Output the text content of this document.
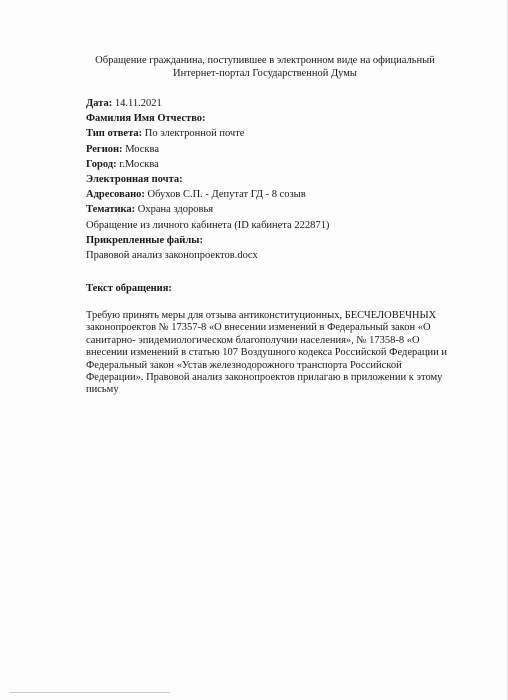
Обращение гражданина, поступившее в электронном виде на официальный
Интернет-портал Государственной Думы
Дата: 14.11.2021
Фамилия Имя Отчество:
Тип ответа: По электронной почте
Регион: Москва
Город: г.Москва
Электронная почта:
Адресовано: Обухов С.П. - Депутат ГД - 8 созыв
Тематика: Охрана здоровья
Обращение из личного кабинета (ID кабинета 222871)
Прикрепленные файлы:
Правовой анализ законопроектов.docx
Текст обращения:
Требую принять меры для отзыва антиконституционных, БЕСЧЕЛОВЕЧНЫХ
законопроектов № 17357-8 «О внесении изменений в Федеральный закон «О
санитарно- эпидемиологическом благополучии населения», № 17358-8 «О
внесении изменений в статью 107 Воздушного кодекса Российской Федерации и
Федеральный закон «Устав железнодорожного транспорта Российской
Федерации». Правовой анализ законопроектов прилагаю в приложении к этому
письму
